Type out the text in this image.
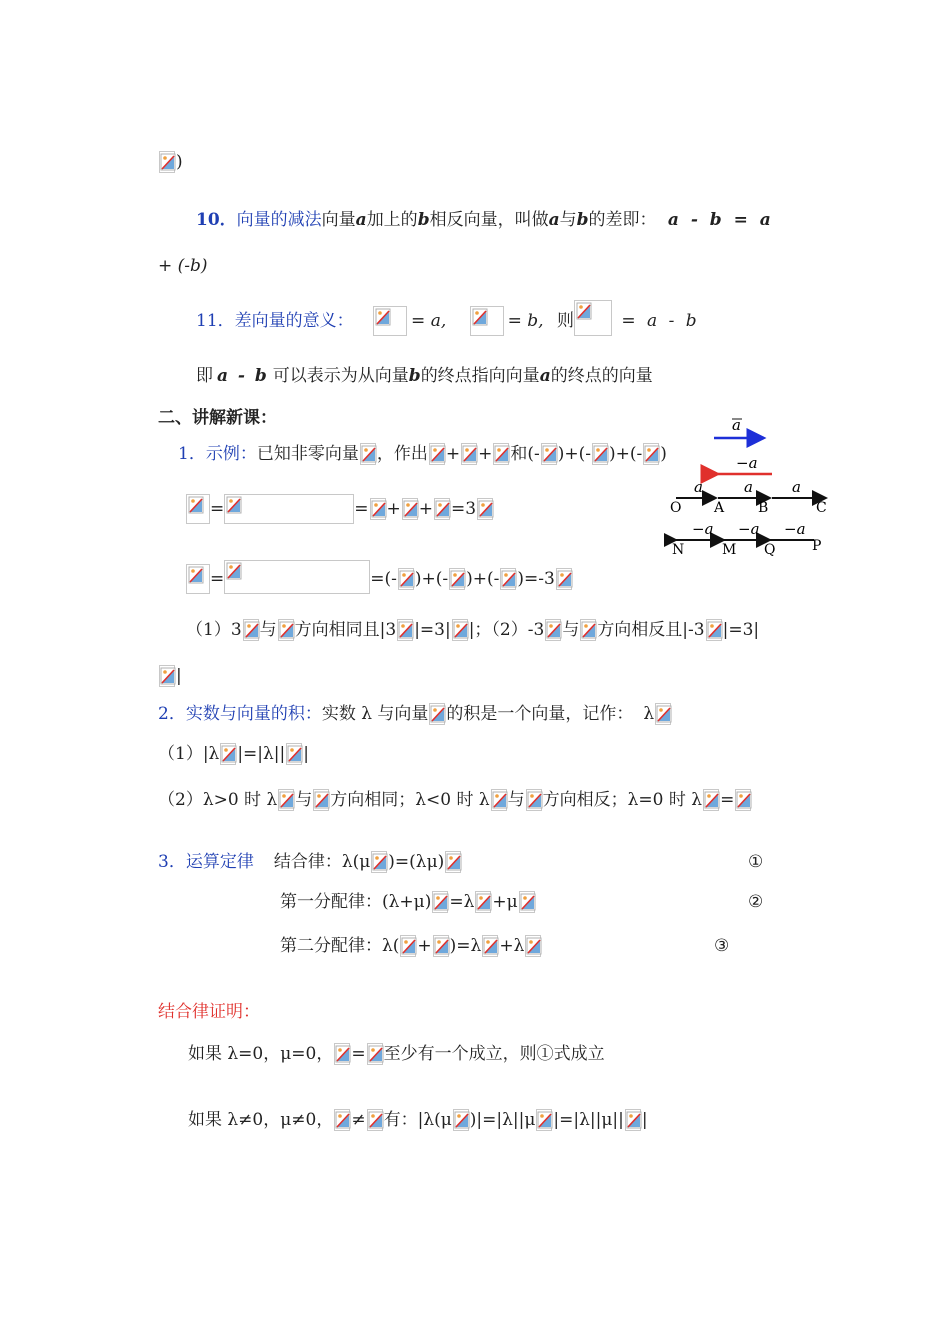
)
10．向量的减法向量a加上的b相反向量，叫做a与b的差即： a - b = a
+ (-b)
11．差向量的意义：	= a,	= b, 则	= a - b
即 a - b 可以表示为从向量b的终点指向向量a的终点的向量
二、讲解新课：
1．示例：已知非零向量 ，作出 + + 和(- )+(- )+(- )
=	= + + =3
=	=(- )+(- )+(- )=-3
（1）3 与 方向相同且|3 |=3| |；（2）-3 与 方向相反且|-3 |=3|
|
2．实数与向量的积：实数 λ 与向量 的积是一个向量，记作： λ
（1）|λ |=|λ|| |
（2）λ>0 时 λ 与 方向相同；λ<0 时 λ 与 方向相反；λ=0 时 λ =
3．运算定律 结合律：λ(μ )=(λμ)	①
第一分配律：(λ+μ) =λ +μ	②
第二分配律：λ( + )=λ +λ	③
结合律证明：
如果 λ=0，μ=0， = 至少有一个成立，则①式成立
如果 λ≠0，μ≠0， ≠ 有：|λ(μ )|=|λ||μ |=|λ||μ|| |
a
−a
a	a	a
O A B	C
−a −a −a
N	M Q	P
